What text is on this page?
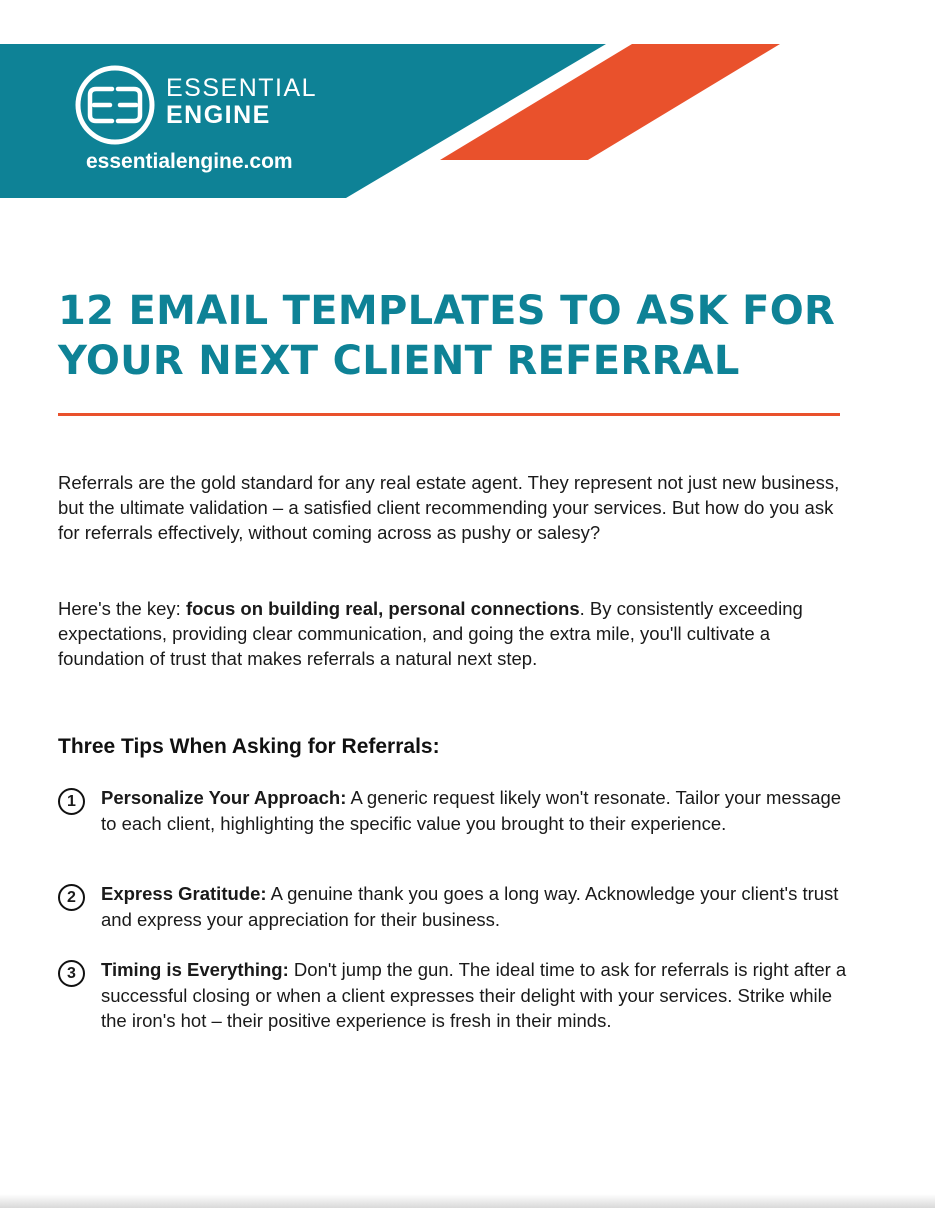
ESSENTIAL
ENGINE
essentialengine.com
12 EMAIL TEMPLATES TO ASK FOR YOUR NEXT CLIENT REFERRAL

Referrals are the gold standard for any real estate agent. They represent not just new business, but the ultimate validation – a satisfied client recommending your services. But how do you ask for referrals effectively, without coming across as pushy or salesy?

Here's the key: focus on building real, personal connections. By consistently exceeding expectations, providing clear communication, and going the extra mile, you'll cultivate a foundation of trust that makes referrals a natural next step.

Three Tips When Asking for Referrals:
1	Personalize Your Approach: A generic request likely won't resonate. Tailor your message to each client, highlighting the specific value you brought to their experience.

2	Express Gratitude: A genuine thank you goes a long way. Acknowledge your client's trust and express your appreciation for their business.

3	Timing is Everything: Don't jump the gun. The ideal time to ask for referrals is right after a successful closing or when a client expresses their delight with your services. Strike while the iron's hot – their positive experience is fresh in their minds.
